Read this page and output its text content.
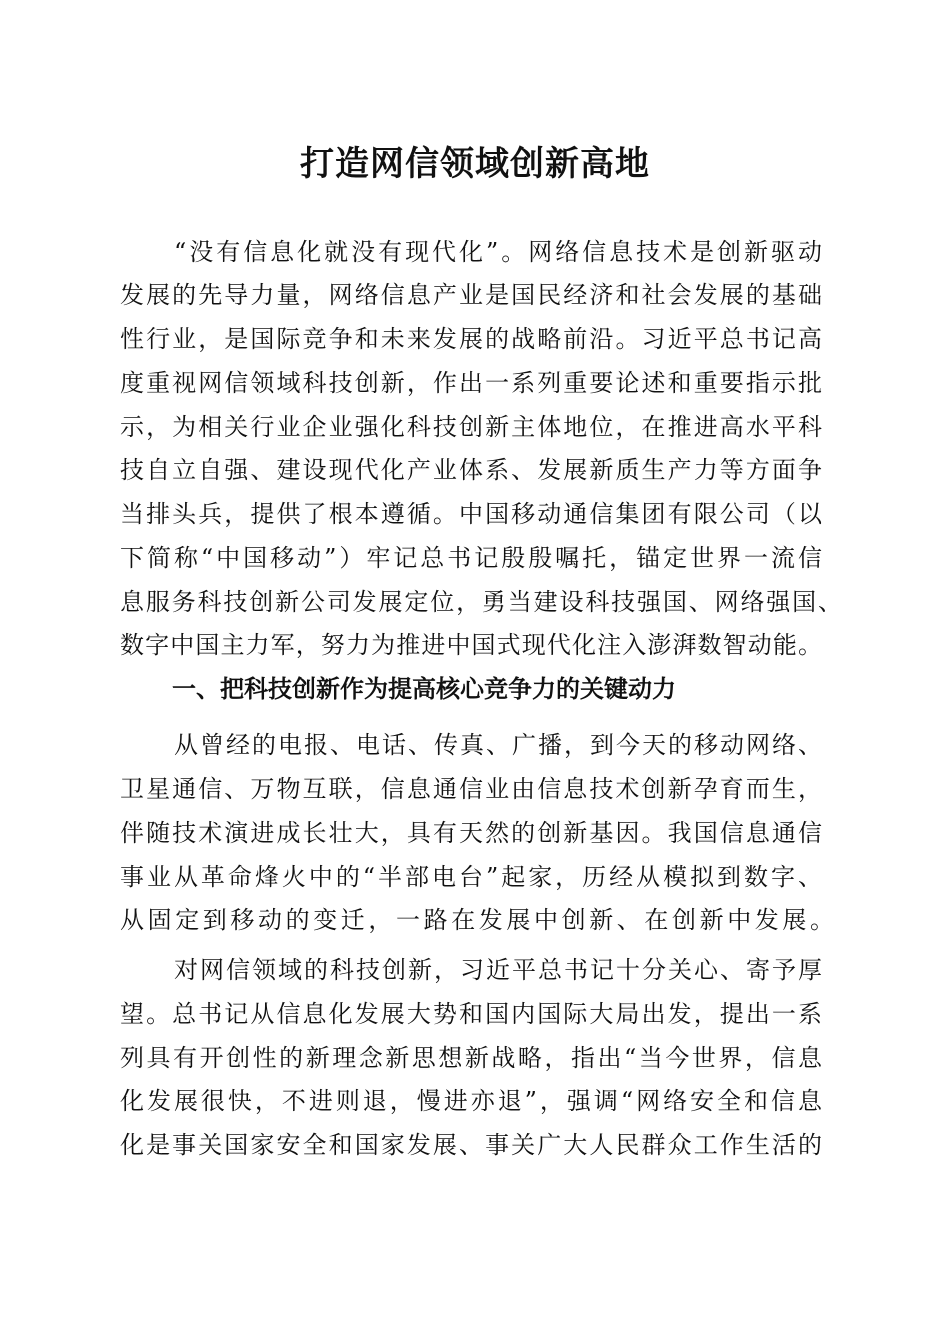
打造网信领域创新高地
“没有信息化就没有现代化”。网络信息技术是创新驱动
发展的先导力量，网络信息产业是国民经济和社会发展的基础
性行业，是国际竞争和未来发展的战略前沿。习近平总书记高
度重视网信领域科技创新，作出一系列重要论述和重要指示批
示，为相关行业企业强化科技创新主体地位，在推进高水平科
技自立自强、建设现代化产业体系、发展新质生产力等方面争
当排头兵，提供了根本遵循。中国移动通信集团有限公司（以
下简称“中国移动”）牢记总书记殷殷嘱托，锚定世界一流信
息服务科技创新公司发展定位，勇当建设科技强国、网络强国、
数字中国主力军，努力为推进中国式现代化注入澎湃数智动能。
一、把科技创新作为提高核心竞争力的关键动力
从曾经的电报、电话、传真、广播，到今天的移动网络、
卫星通信、万物互联，信息通信业由信息技术创新孕育而生，
伴随技术演进成长壮大，具有天然的创新基因。我国信息通信
事业从革命烽火中的“半部电台”起家，历经从模拟到数字、
从固定到移动的变迁，一路在发展中创新、在创新中发展。
对网信领域的科技创新，习近平总书记十分关心、寄予厚
望。总书记从信息化发展大势和国内国际大局出发，提出一系
列具有开创性的新理念新思想新战略，指出“当今世界，信息
化发展很快，不进则退，慢进亦退”，强调“网络安全和信息
化是事关国家安全和国家发展、事关广大人民群众工作生活的
